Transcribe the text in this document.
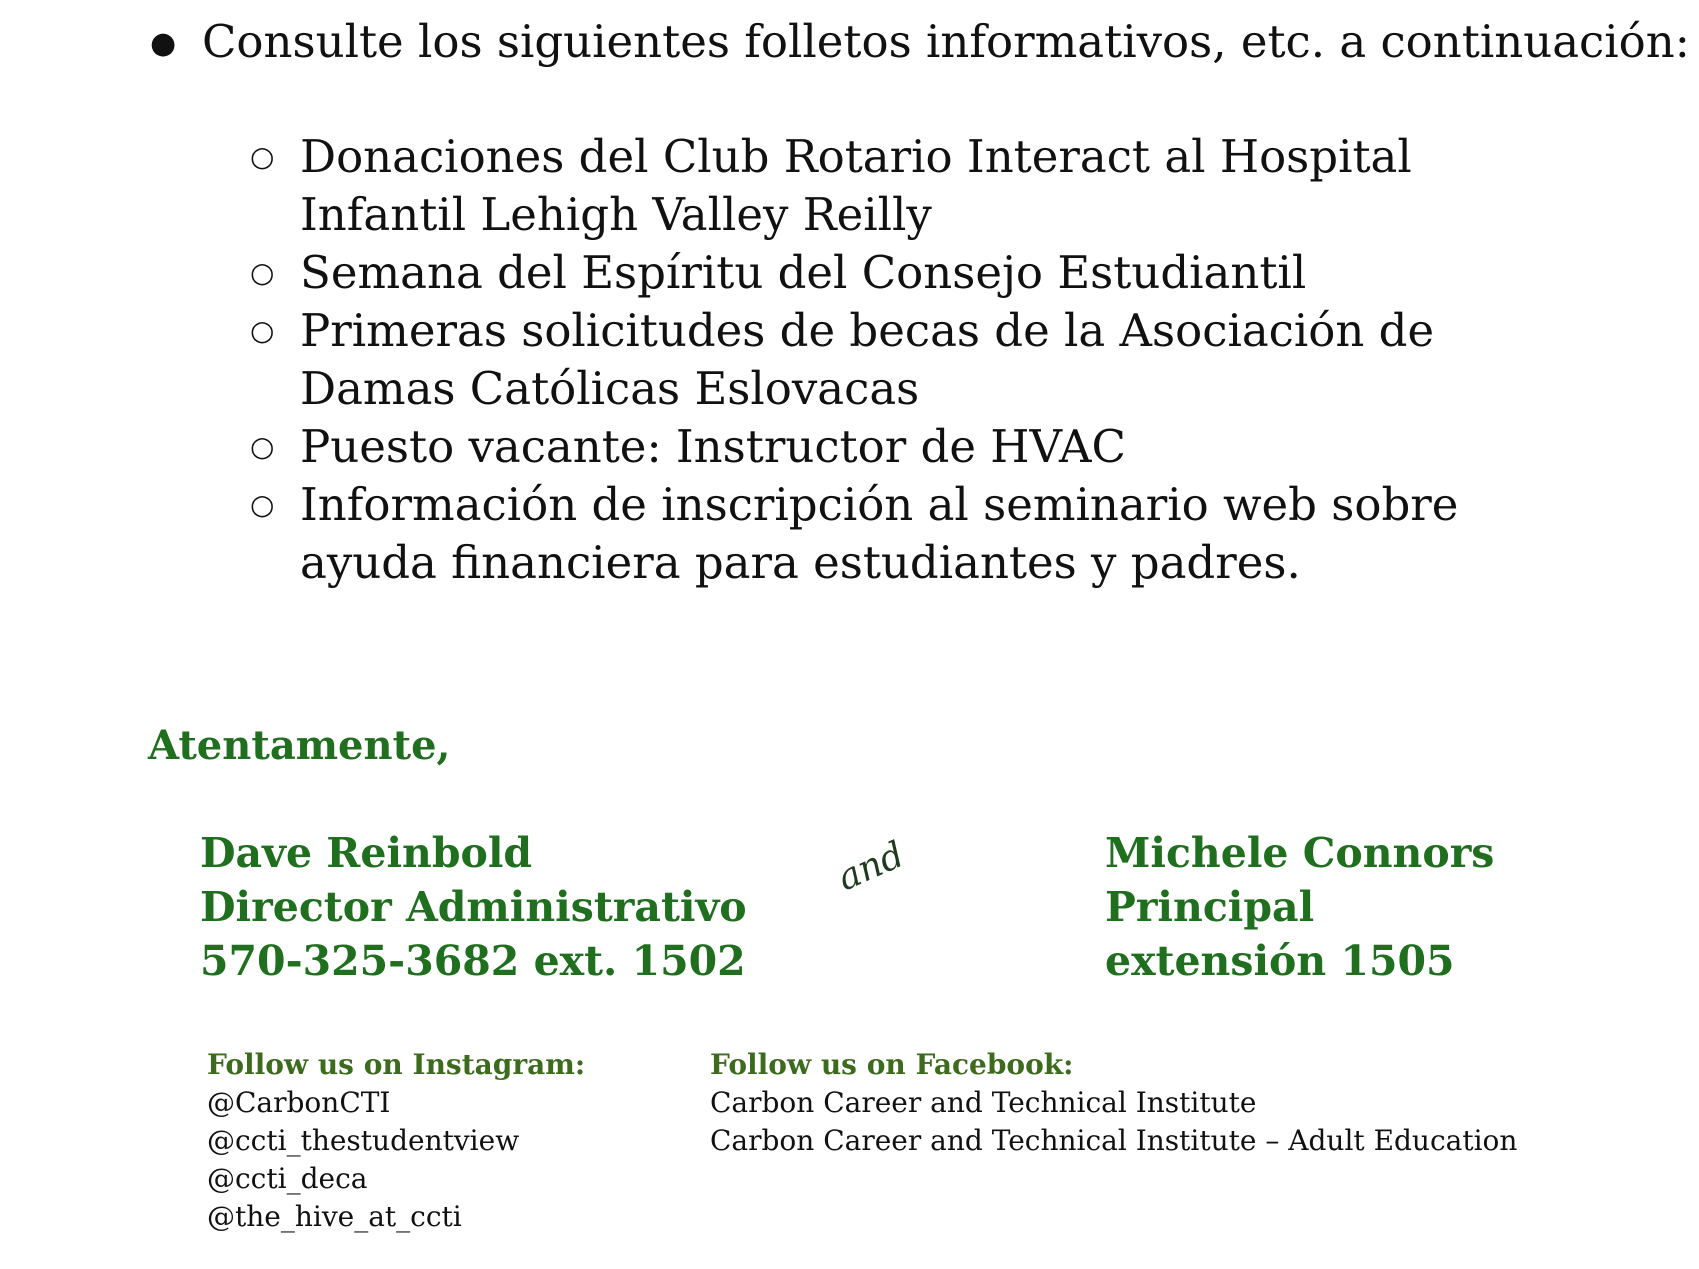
● Consulte los siguientes folletos informativos, etc. a continuación:
○ Donaciones del Club Rotario Interact al Hospital Infantil Lehigh Valley Reilly
○ Semana del Espíritu del Consejo Estudiantil
○ Primeras solicitudes de becas de la Asociación de Damas Católicas Eslovacas
○ Puesto vacante: Instructor de HVAC
○ Información de inscripción al seminario web sobre ayuda financiera para estudiantes y padres.
Atentamente,
Dave Reinbold
Director Administrativo
570-325-3682 ext. 1502
and	Michele Connors
Principal
extensión 1505
Follow us on Instagram:
@CarbonCTI
@ccti_thestudentview
@ccti_deca
@the_hive_at_ccti
Follow us on Facebook:
Carbon Career and Technical Institute
Carbon Career and Technical Institute – Adult Education
